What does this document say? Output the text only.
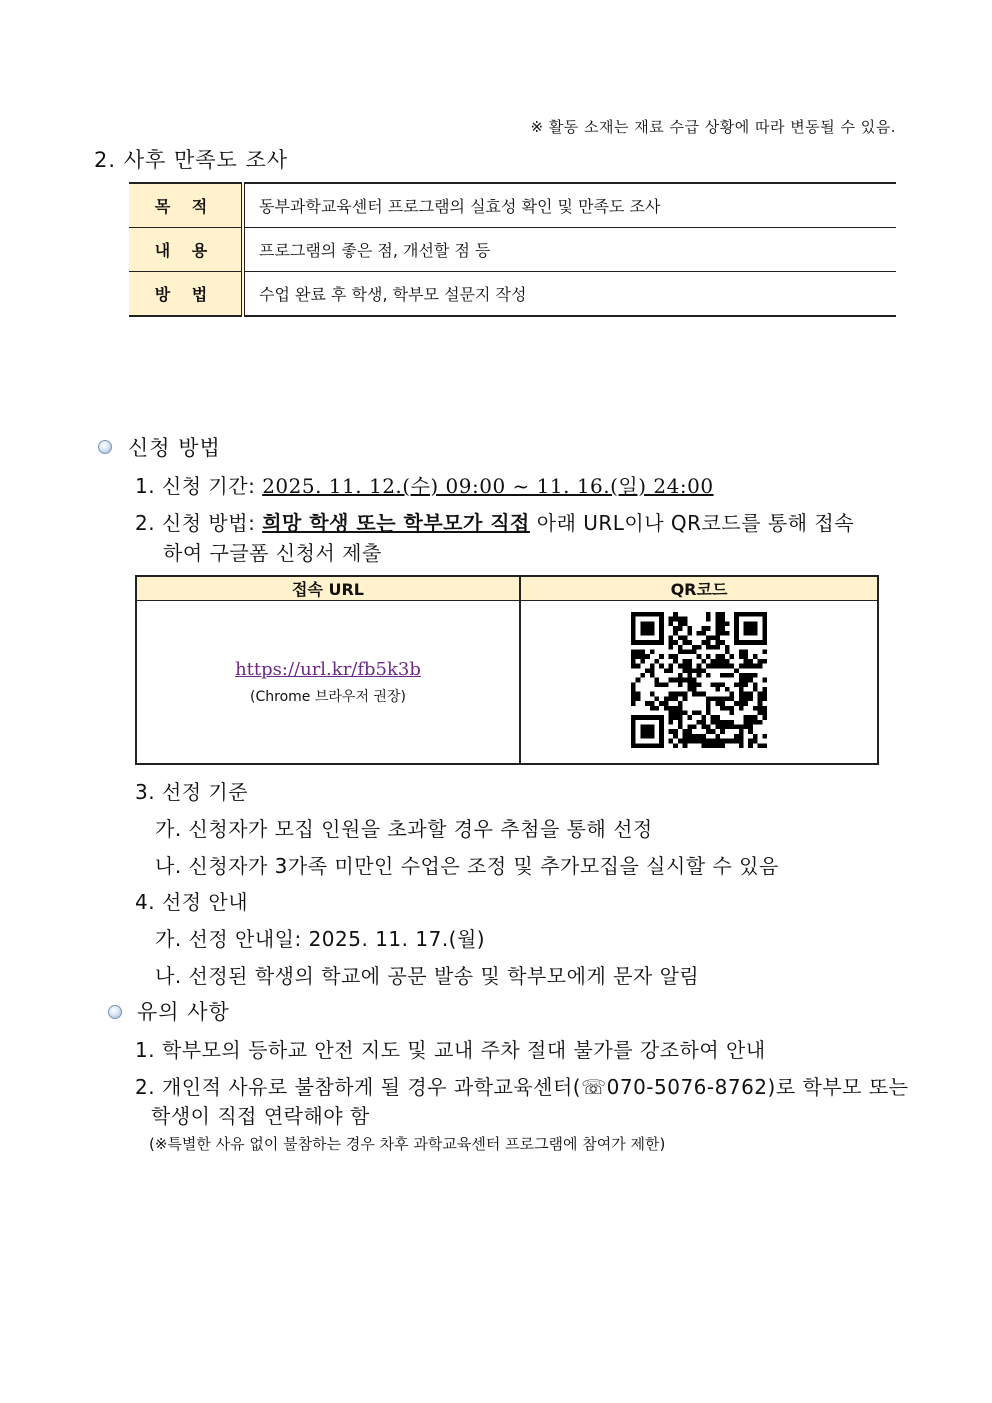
※ 활동 소재는 재료 수급 상황에 따라 변동될 수 있음.
2. 사후 만족도 조사
목 적	동부과학교육센터 프로그램의 실효성 확인 및 만족도 조사
내 용	프로그램의 좋은 점, 개선할 점 등
방 법	수업 완료 후 학생, 학부모 설문지 작성
신청 방법
1. 신청 기간: 2025. 11. 12.(수) 09:00 ~ 11. 16.(일) 24:00
2. 신청 방법: 희망 학생 또는 학부모가 직접 아래 URL이나 QR코드를 통해 접속
하여 구글폼 신청서 제출
접속 URL	QR코드

https://url.kr/fb5k3b
(Chrome 브라우저 권장)

3. 선정 기준
가. 신청자가 모집 인원을 초과할 경우 추첨을 통해 선정
나. 신청자가 3가족 미만인 수업은 조정 및 추가모집을 실시할 수 있음
4. 선정 안내
가. 선정 안내일: 2025. 11. 17.(월)
나. 선정된 학생의 학교에 공문 발송 및 학부모에게 문자 알림
유의 사항
1. 학부모의 등하교 안전 지도 및 교내 주차 절대 불가를 강조하여 안내
2. 개인적 사유로 불참하게 될 경우 과학교육센터(☏070-5076-8762)로 학부모 또는
학생이 직접 연락해야 함
(※특별한 사유 없이 불참하는 경우 차후 과학교육센터 프로그램에 참여가 제한)
